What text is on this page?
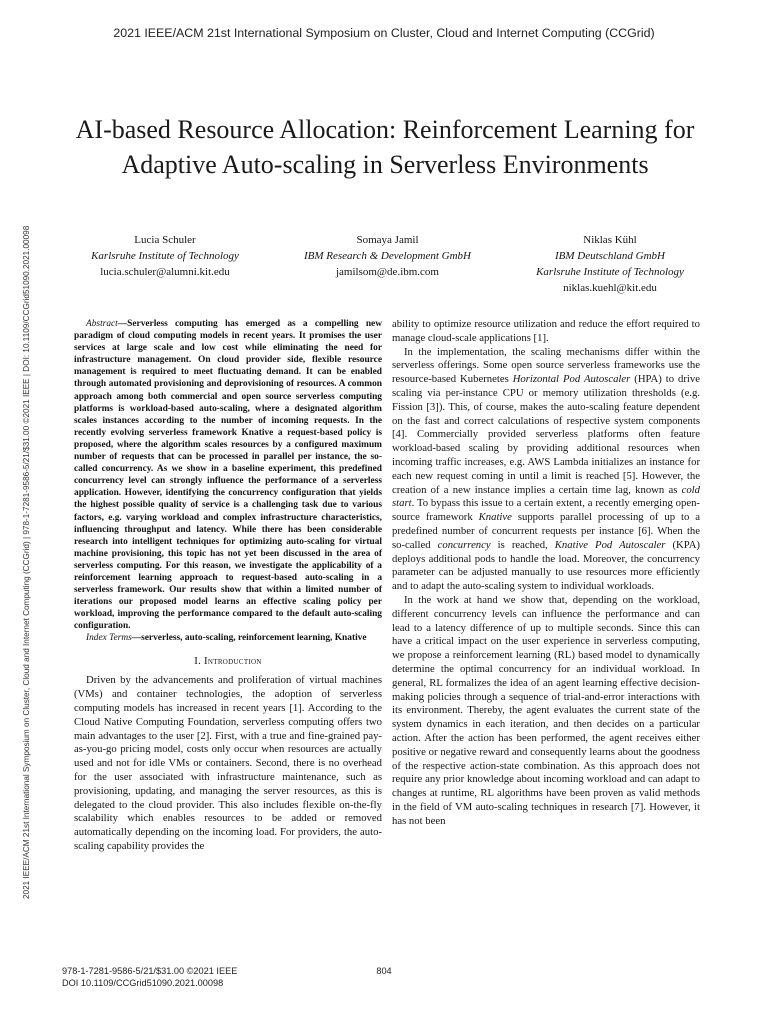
2021 IEEE/ACM 21st International Symposium on Cluster, Cloud and Internet Computing (CCGrid)
2021 IEEE/ACM 21st International Symposium on Cluster, Cloud and Internet Computing (CCGrid) | 978-1-7281-9586-5/21/$31.00 ©2021 IEEE | DOI: 10.1109/CCGrid51090.2021.00098
AI-based Resource Allocation: Reinforcement Learning for Adaptive Auto-scaling in Serverless Environments
Lucia Schuler
Karlsruhe Institute of Technology
lucia.schuler@alumni.kit.edu
Somaya Jamil
IBM Research & Development GmbH
jamilsom@de.ibm.com
Niklas Kühl
IBM Deutschland GmbH
Karlsruhe Institute of Technology
niklas.kuehl@kit.edu

Abstract—Serverless computing has emerged as a compelling new paradigm of cloud computing models in recent years. It promises the user services at large scale and low cost while eliminating the need for infrastructure management. On cloud provider side, flexible resource management is required to meet fluctuating demand. It can be enabled through automated provisioning and deprovisioning of resources. A common approach among both commercial and open source serverless computing platforms is workload-based auto-scaling, where a designated algorithm scales instances according to the number of incoming requests. In the recently evolving serverless framework Knative a request-based policy is proposed, where the algorithm scales resources by a configured maximum number of requests that can be processed in parallel per instance, the so-called concurrency. As we show in a baseline experiment, this predefined concurrency level can strongly influence the performance of a serverless application. However, identifying the concurrency configuration that yields the highest possible quality of service is a challenging task due to various factors, e.g. varying workload and complex infrastructure characteristics, influencing throughput and latency. While there has been considerable research into intelligent techniques for optimizing auto-scaling for virtual machine provisioning, this topic has not yet been discussed in the area of serverless computing. For this reason, we investigate the applicability of a reinforcement learning approach to request-based auto-scaling in a serverless framework. Our results show that within a limited number of iterations our proposed model learns an effective scaling policy per workload, improving the performance compared to the default auto-scaling configuration.

Index Terms—serverless, auto-scaling, reinforcement learning, Knative

I. Introduction

Driven by the advancements and proliferation of virtual machines (VMs) and container technologies, the adoption of serverless computing models has increased in recent years [1]. According to the Cloud Native Computing Foundation, serverless computing offers two main advantages to the user [2]. First, with a true and fine-grained pay-as-you-go pricing model, costs only occur when resources are actually used and not for idle VMs or containers. Second, there is no overhead for the user associated with infrastructure maintenance, such as provisioning, updating, and managing the server resources, as this is delegated to the cloud provider. This also includes flexible on-the-fly scalability which enables resources to be added or removed automatically depending on the incoming load. For providers, the auto-scaling capability provides the

ability to optimize resource utilization and reduce the effort required to manage cloud-scale applications [1].

In the implementation, the scaling mechanisms differ within the serverless offerings. Some open source serverless frameworks use the resource-based Kubernetes Horizontal Pod Autoscaler (HPA) to drive scaling via per-instance CPU or memory utilization thresholds (e.g. Fission [3]). This, of course, makes the auto-scaling feature dependent on the fast and correct calculations of respective system components [4]. Commercially provided serverless platforms often feature workload-based scaling by providing additional resources when incoming traffic increases, e.g. AWS Lambda initializes an instance for each new request coming in until a limit is reached [5]. However, the creation of a new instance implies a certain time lag, known as cold start. To bypass this issue to a certain extent, a recently emerging open-source framework Knative supports parallel processing of up to a predefined number of concurrent requests per instance [6]. When the so-called concurrency is reached, Knative Pod Autoscaler (KPA) deploys additional pods to handle the load. Moreover, the concurrency parameter can be adjusted manually to use resources more efficiently and to adapt the auto-scaling system to individual workloads.

In the work at hand we show that, depending on the workload, different concurrency levels can influence the performance and can lead to a latency difference of up to multiple seconds. Since this can have a critical impact on the user experience in serverless computing, we propose a reinforcement learning (RL) based model to dynamically determine the optimal concurrency for an individual workload. In general, RL formalizes the idea of an agent learning effective decision-making policies through a sequence of trial-and-error interactions with its environment. Thereby, the agent evaluates the current state of the system dynamics in each iteration, and then decides on a particular action. After the action has been performed, the agent receives either positive or negative reward and consequently learns about the goodness of the respective action-state combination. As this approach does not require any prior knowledge about incoming workload and can adapt to changes at runtime, RL algorithms have been proven as valid methods in the field of VM auto-scaling techniques in research [7]. However, it has not been

978-1-7281-9586-5/21/$31.00 ©2021 IEEE
DOI 10.1109/CCGrid51090.2021.00098
804
